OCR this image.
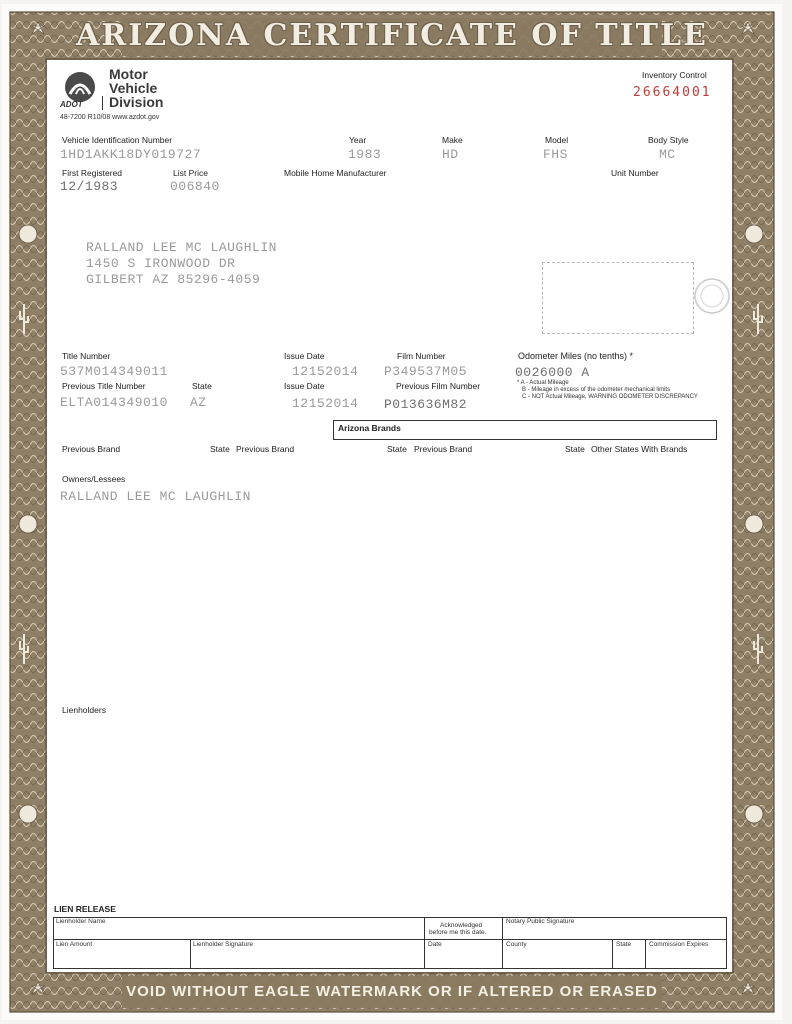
ARIZONA CERTIFICATE OF TITLE
VOID WITHOUT EAGLE WATERMARK OR IF ALTERED OR ERASED
ADOT
Motor
Vehicle
Division
48-7200 R10/08 www.azdot.gov
Inventory Control
26664001
Vehicle Identification Number
1HD1AKK18DY019727
Year
1983
Make
HD
Model
FHS
Body Style
MC
First Registered
12/1983
List Price
006840
Mobile Home Manufacturer	Unit Number
RALLAND LEE MC LAUGHLIN
1450 S IRONWOOD DR
GILBERT AZ 85296-4059
Title Number
537M014349011
Issue Date
12152014
Film Number
P349537M05
Odometer Miles (no tenths) *
0026000 A
* A - Actual Mileage
B - Mileage in excess of the odometer mechanical limits
C - NOT Actual Mileage, WARNING ODOMETER DISCREPANCY
Previous Title Number	State
ELTA014349010 AZ
Issue Date
12152014
Previous Film Number
P013636M82
Arizona Brands
Previous Brand	State Previous Brand	State Previous Brand	State Other States With Brands
Owners/Lessees
RALLAND LEE MC LAUGHLIN
Lienholders
LIEN RELEASE
Lienholder Name
Acknowledged
before me this date.
Notary Public Signature
Lien Amount	Lienholder Signature	Date	County	State	Commission Expires
